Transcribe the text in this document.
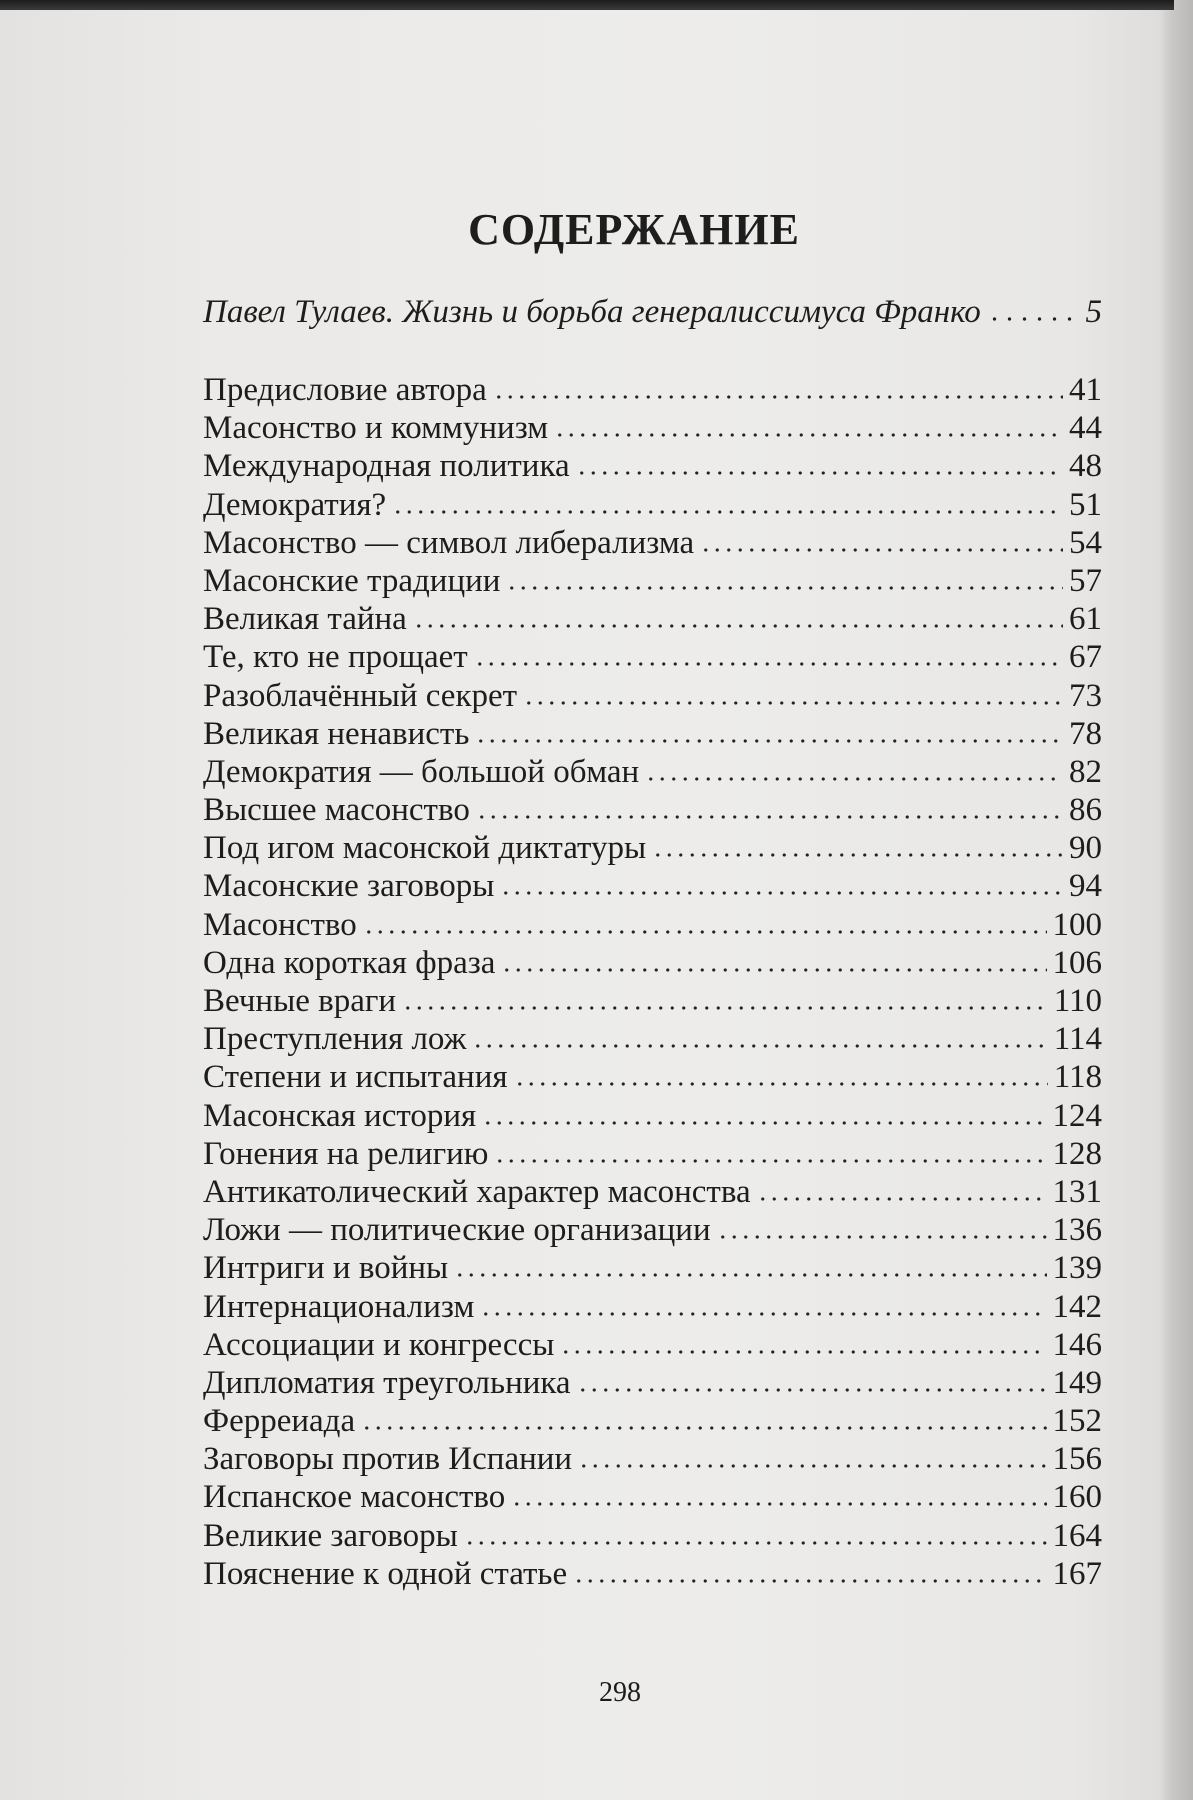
СОДЕРЖАНИЕ
Павел Тулаев. Жизнь и борьба генералиссимуса Франко	5
Предисловие автора	41
Масонство и коммунизм	44
Международная политика	48
Демократия?	51
Масонство — символ либерализма	54
Масонские традиции	57
Великая тайна	61
Те, кто не прощает	67
Разоблачённый секрет	73
Великая ненависть	78
Демократия — большой обман	82
Высшее масонство	86
Под игом масонской диктатуры	90
Масонские заговоры	94
Масонство	100
Одна короткая фраза	106
Вечные враги	110
Преступления лож	114
Степени и испытания	118
Масонская история	124
Гонения на религию	128
Антикатолический характер масонства	131
Ложи — политические организации	136
Интриги и войны	139
Интернационализм	142
Ассоциации и конгрессы	146
Дипломатия треугольника	149
Ферреиада	152
Заговоры против Испании	156
Испанское масонство	160
Великие заговоры	164
Пояснение к одной статье	167
298
